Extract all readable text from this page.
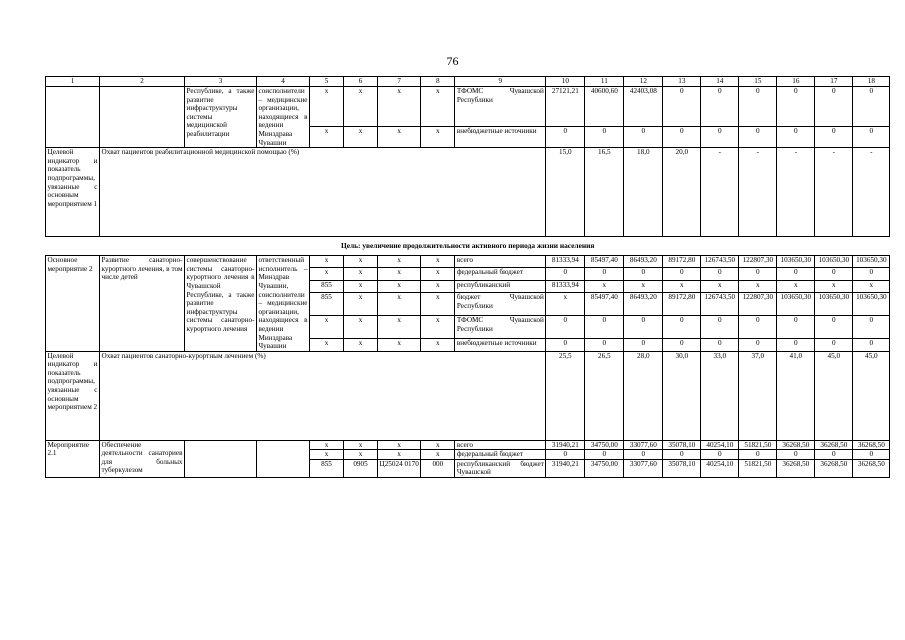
76
1	2	3	4	5	6	7	8	9	10	11	12	13	14	15	16	17	18
		Республике, а также развитие инфраструктуры системы медицинской реабилитации	соисполнители – медицинские организации, находящиеся в ведении Минздрава Чувашии	x	x	x	x	ТФОМС Чувашской Республики	27121,21	40600,60	42403,08	0	0	0	0	0	0
				x	x	x	x	внебюджетные источники	0	0	0	0	0	0	0	0	0
Целевой индикатор и показатель подпрограммы, увязанные с основным мероприятием 1	Охват пациентов реабилитационной медицинской помощью (%)								15,0	16,5	18,0	20,0	-	-	-	-	-
Цель: увеличение продолжительности активного периода жизни населения																	
Основное мероприятие 2	Развитие санаторно-курортного лечения, в том числе детей	совершенствование системы санаторно-курортного лечения в Чувашской Республике, а также развитие инфраструктуры системы санаторно-курортного лечения	ответственный исполнитель – Минздрав Чувашии, соисполнители – медицинские организации, находящиеся в ведении Минздрава Чувашии	x	x	x	x	всего	81333,94	85497,40	86493,20	89172,80	126743,50	122807,30	103650,30	103650,30	103650,30
				x	x	x	x	федеральный бюджет	0	0	0	0	0	0	0	0	0
				855	x	x	x	республиканский	81333,94	x	x	x	x	x	x	x	x
				855	x	x	x	бюджет Чувашской Республики	x	85497,40	86493,20	89172,80	126743,50	122807,30	103650,30	103650,30	103650,30
				x	x	x	x	ТФОМС Чувашской Республики	0	0	0	0	0	0	0	0	0
				x	x	x	x	внебюджетные источники	0	0	0	0	0	0	0	0	0
Целевой индикатор и показатель подпрограммы, увязанные с основным мероприятием 2	Охват пациентов санаторно-курортным лечением (%)								25,5	26,5	28,0	30,0	33,0	37,0	41,0	45,0	45,0
Мероприятие 2.1	Обеспечение деятельности санаториев для больных туберкулезом			x	x	x	x	всего	31940,21	34750,00	33077,60	35078,10	40254,10	51821,50	36268,50	36268,50	36268,50
				x	x	x	x	федеральный бюджет	0	0	0	0	0	0	0	0	0
				855	0905	Ц25024 0170	000	республиканский бюджет Чувашской	31940,21	34750,00	33077,60	35078,10	40254,10	51821,50	36268,50	36268,50	36268,50
